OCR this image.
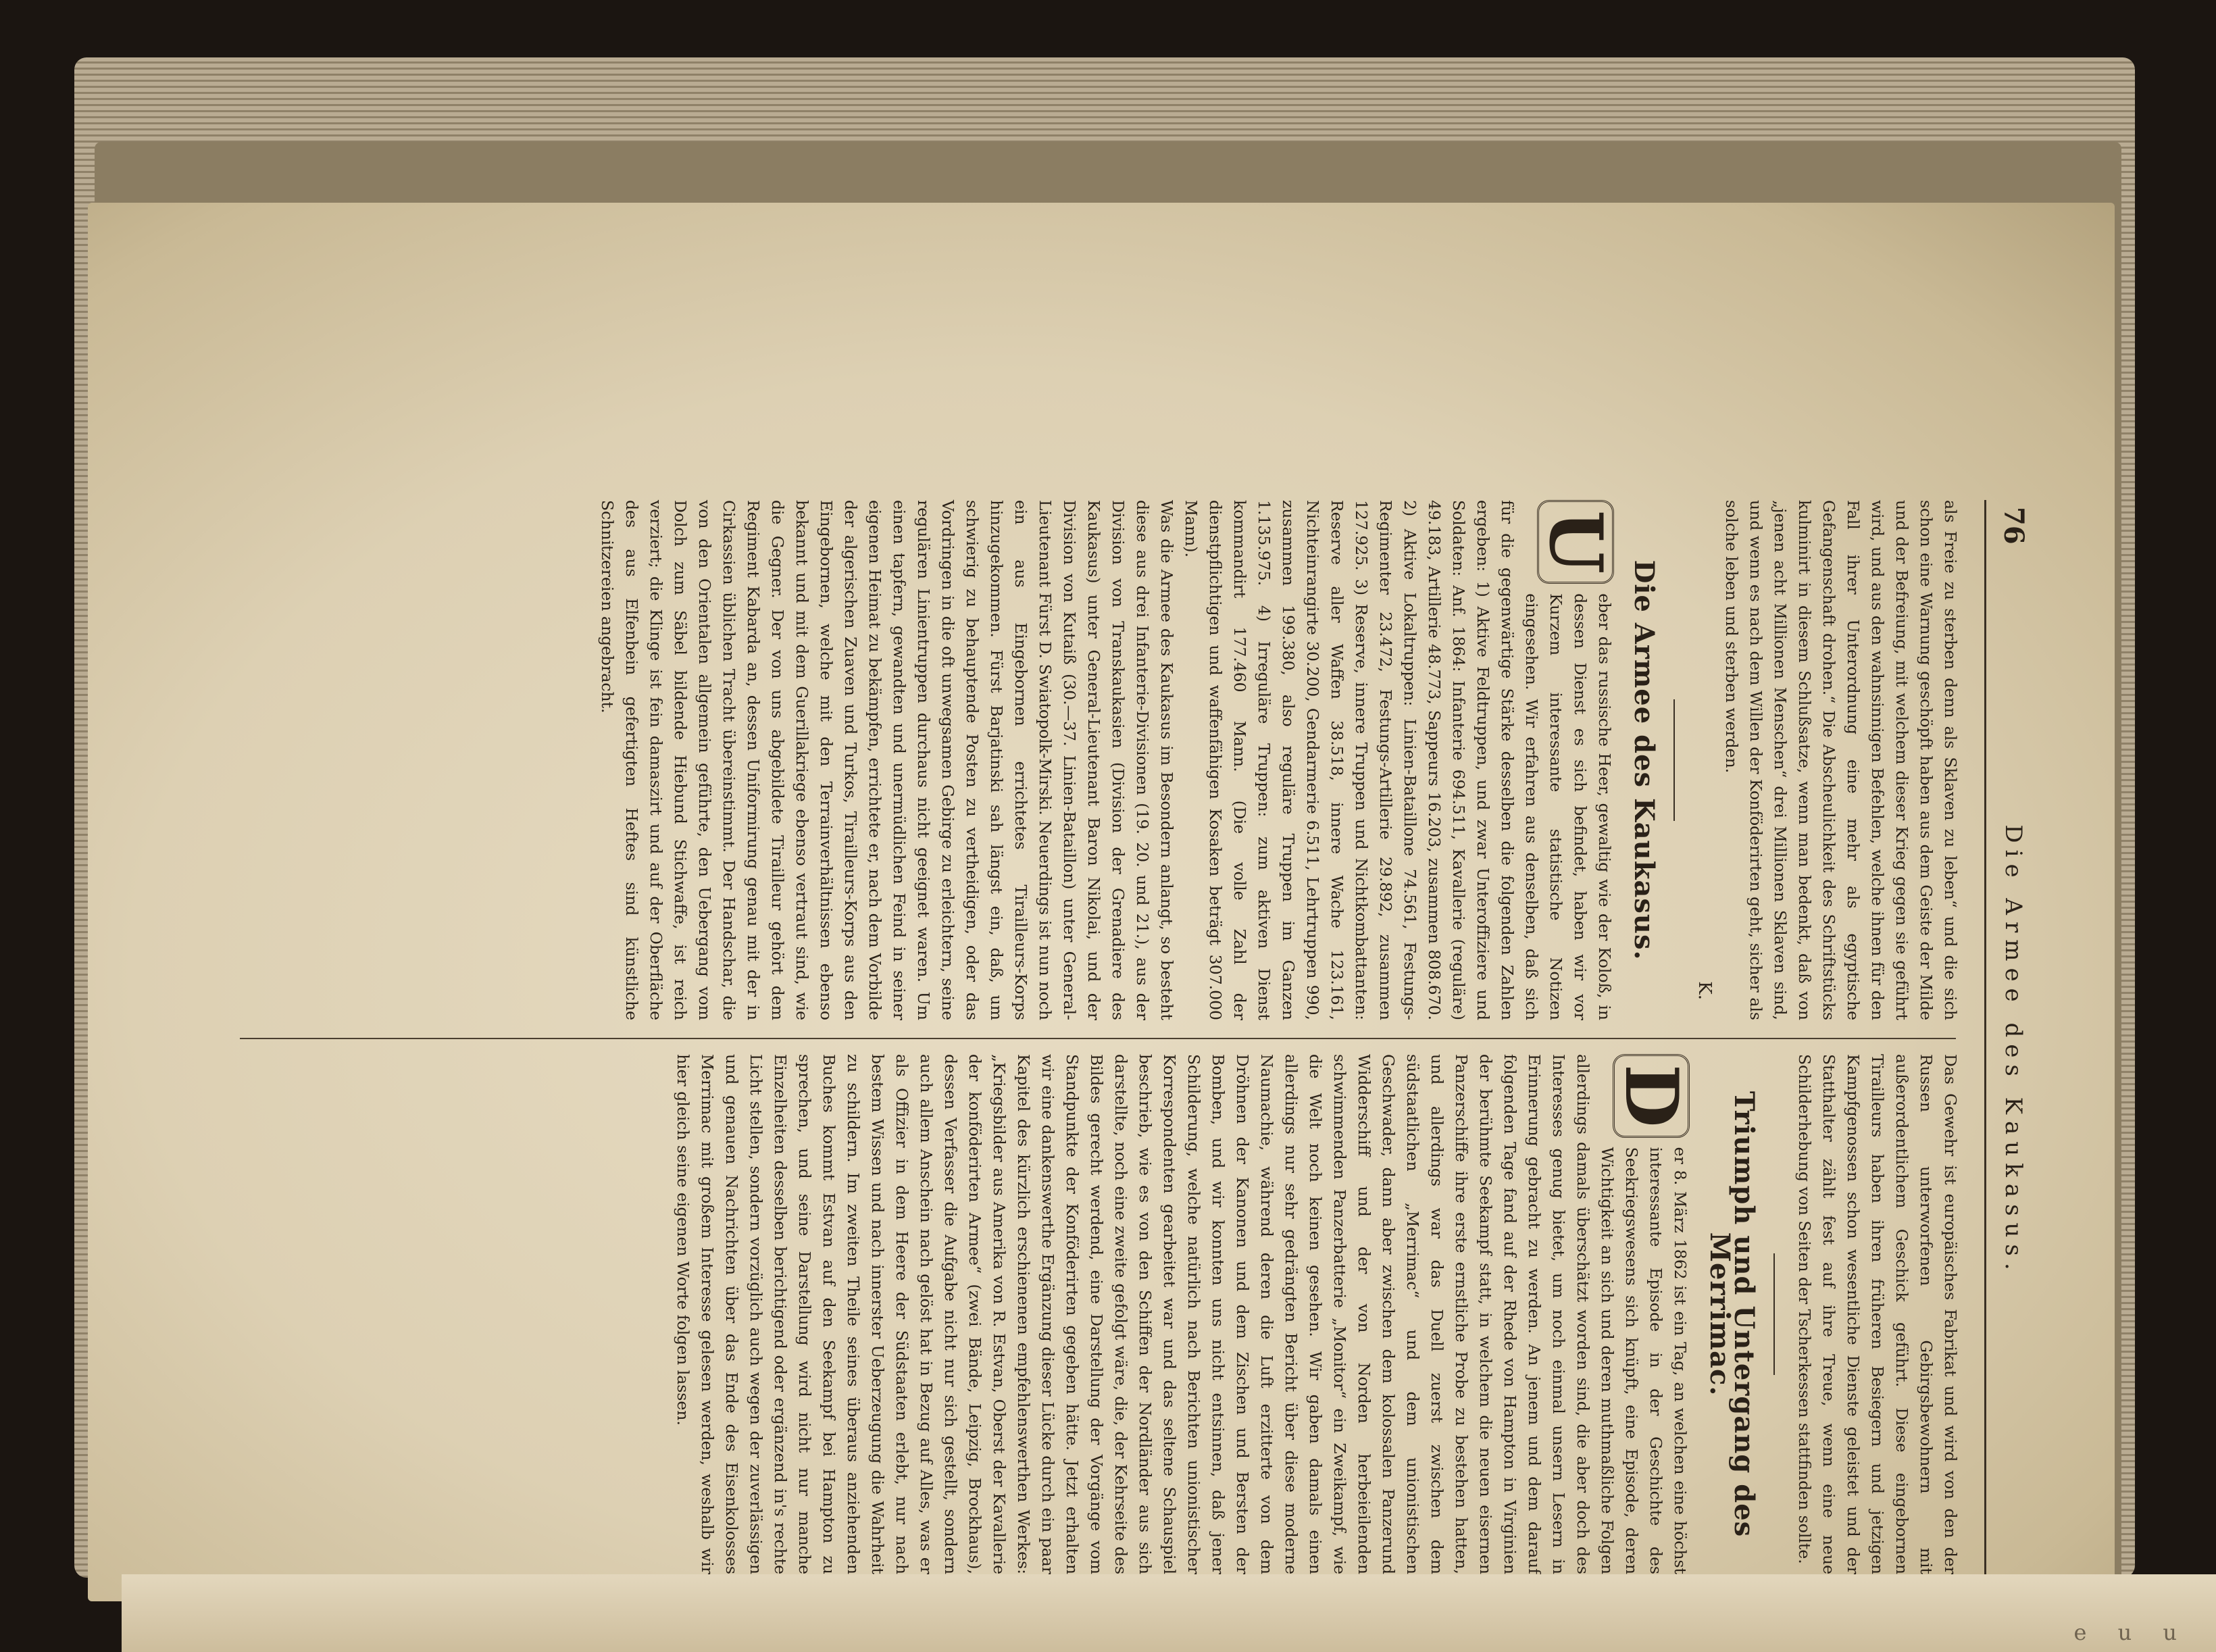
76
Die Armee des Kaukasus.

als Freie zu sterben denn als Sklaven zu leben“ und die sich schon eine Warnung geschöpft haben aus dem Geiste der Milde und der Befreiung, mit welchem dieser Krieg gegen sie geführt wird, und aus den wahnsinnigen Befehlen, welche ihnen für den Fall ihrer Unterordnung eine mehr als egyptische Gefangenschaft drohen.“ Die Abscheulichkeit des Schriftstücks kulminirt in diesem Schlußsatze, wenn man bedenkt, daß von „jenen acht Millionen Menschen“ drei Millionen Sklaven sind, und wenn es nach dem Willen der Konföderirten geht, sicher als solche leben und sterben werden.

K.
Die Armee des Kaukasus.

U
eber das russische Heer, gewaltig wie der Koloß, in dessen Dienst es sich befindet, haben wir vor Kurzem interessante statistische Notizen eingesehen. Wir erfahren aus denselben, daß sich für die gegenwärtige Stärke desselben die folgenden Zahlen ergeben: 1) Aktive Feldtruppen, und zwar Unteroffiziere und Soldaten: Anf. 1864: Infanterie 694.511, Kavallerie (reguläre) 49.183, Artillerie 48.773, Sappeurs 16.203, zusammen 808.670. 2) Aktive Lokaltruppen: Linien-Bataillone 74.561, Festungs-Regimenter 23.472, Festungs-Artillerie 29.892, zusammen 127.925. 3) Reserve, innere Truppen und Nichtkombattanten: Reserve aller Waffen 38.518, innere Wache 123.161, Nichteinrangirte 30.200, Gendarmerie 6.511, Lehrtruppen 990, zusammen 199.380, also reguläre Truppen im Ganzen 1.135.975. 4) Irreguläre Truppen: zum aktiven Dienst kommandirt 177.460 Mann. (Die volle Zahl der dienstpflichtigen und waffenfähigen Kosaken beträgt 307.000 Mann).

Was die Armee des Kaukasus im Besondern anlangt, so besteht diese aus drei Infanterie-Divisionen (19. 20. und 21.), aus der Division von Transkaukasien (Division der Grenadiere des Kaukasus) unter General-Lieutenant Baron Nikolai, und der Division von Kutaiß (30.—37. Linien-Bataillon) unter General-Lieutenant Fürst D. Swiatopolk-Mirski. Neuerdings ist nun noch ein aus Eingebornen errichtetes Tirailleurs-Korps hinzugekommen. Fürst Barjatinski sah längst ein, daß, um schwierig zu behauptende Posten zu vertheidigen, oder das Vordringen in die oft unwegsamen Gebirge zu erleichtern, seine regulären Linientruppen durchaus nicht geeignet waren. Um einen tapfern, gewandten und unermüdlichen Feind in seiner eigenen Heimat zu bekämpfen, errichtete er, nach dem Vorbilde der algerischen Zuaven und Turkos, Tirailleurs-Korps aus den Eingebornen, welche mit den Terrainverhältnissen ebenso bekannt und mit dem Guerillakriege ebenso vertraut sind, wie die Gegner. Der von uns abgebildete Tirailleur gehört dem Regiment Kabarda an, dessen Uniformirung genau mit der in Cirkassien üblichen Tracht übereinstimmt. Der Handschar, die von den Orientalen allgemein geführte, den Uebergang vom Dolch zum Säbel bildende Hiebund Stichwaffe, ist reich verziert; die Klinge ist fein damaszirt und auf der Oberfläche des aus Elfenbein gefertigten Heftes sind künstliche Schnitzereien angebracht.

Das Gewehr ist europäisches Fabrikat und wird von den der Russen unterworfenen Gebirgsbewohnern mit außerordentlichem Geschick geführt. Diese eingebornen Tirailleurs haben ihren früheren Besiegern und jetzigen Kampfgenossen schon wesentliche Dienste geleistet und der Statthalter zählt fest auf ihre Treue, wenn eine neue Schilderhebung von Seiten der Tscherkessen stattfinden sollte.

Triumph und Untergang des Merrimac.

D
er 8. März 1862 ist ein Tag, an welchen eine höchst interessante Episode in der Geschichte des Seekriegswesens sich knüpft, eine Episode, deren Wichtigkeit an sich und deren muthmaßliche Folgen allerdings damals überschätzt worden sind, die aber doch des Interesses genug bietet, um noch einmal unsern Lesern in Erinnerung gebracht zu werden. An jenem und dem darauf folgenden Tage fand auf der Rhede von Hampton in Virginien der berühmte Seekampf statt, in welchem die neuen eisernen Panzerschiffe ihre erste ernstliche Probe zu bestehen hatten, und allerdings war das Duell zuerst zwischen dem südstaatlichen „Merrimac“ und dem unionistischen Geschwader, dann aber zwischen dem kolossalen Panzerund Widderschiff und der von Norden herbeieilenden schwimmenden Panzerbatterie „Monitor“ ein Zweikampf, wie die Welt noch keinen gesehen. Wir gaben damals einen allerdings nur sehr gedrängten Bericht über diese moderne Naumachie, während deren die Luft erzitterte von dem Dröhnen der Kanonen und dem Zischen und Bersten der Bomben, und wir konnten uns nicht entsinnen, daß jener Schilderung, welche natürlich nach Berichten unionistischer Korrespondenten gearbeitet war und das seltene Schauspiel beschrieb, wie es von den Schiffen der Nordländer aus sich darstellte, noch eine zweite gefolgt wäre, die, der Kehrseite des Bildes gerecht werdend, eine Darstellung der Vorgänge vom Standpunkte der Konföderirten gegeben hätte. Jetzt erhalten wir eine dankenswerthe Ergänzung dieser Lücke durch ein paar Kapitel des kürzlich erschienenen empfehlenswerthen Werkes: „Kriegsbilder aus Amerika von R. Estvan, Oberst der Kavallerie der konföderirten Armee“ (zwei Bände, Leipzig, Brockhaus), dessen Verfasser die Aufgabe nicht nur sich gestellt, sondern auch allem Anschein nach gelöst hat in Bezug auf Alles, was er als Offizier in dem Heere der Südstaaten erlebt, nur nach bestem Wissen und nach innerster Ueberzeugung die Wahrheit zu schildern. Im zweiten Theile seines überaus anziehenden Buches kommt Estvan auf den Seekampf bei Hampton zu sprechen, und seine Darstellung wird nicht nur manche Einzelheiten desselben berichtigend oder ergänzend in's rechte Licht stellen, sondern vorzüglich auch wegen der zuverlässigen und genauen Nachrichten über das Ende des Eisenkolosses Merrimac mit großem Interesse gelesen werden, weshalb wir hier gleich seine eigenen Worte folgen lassen.

e u u
